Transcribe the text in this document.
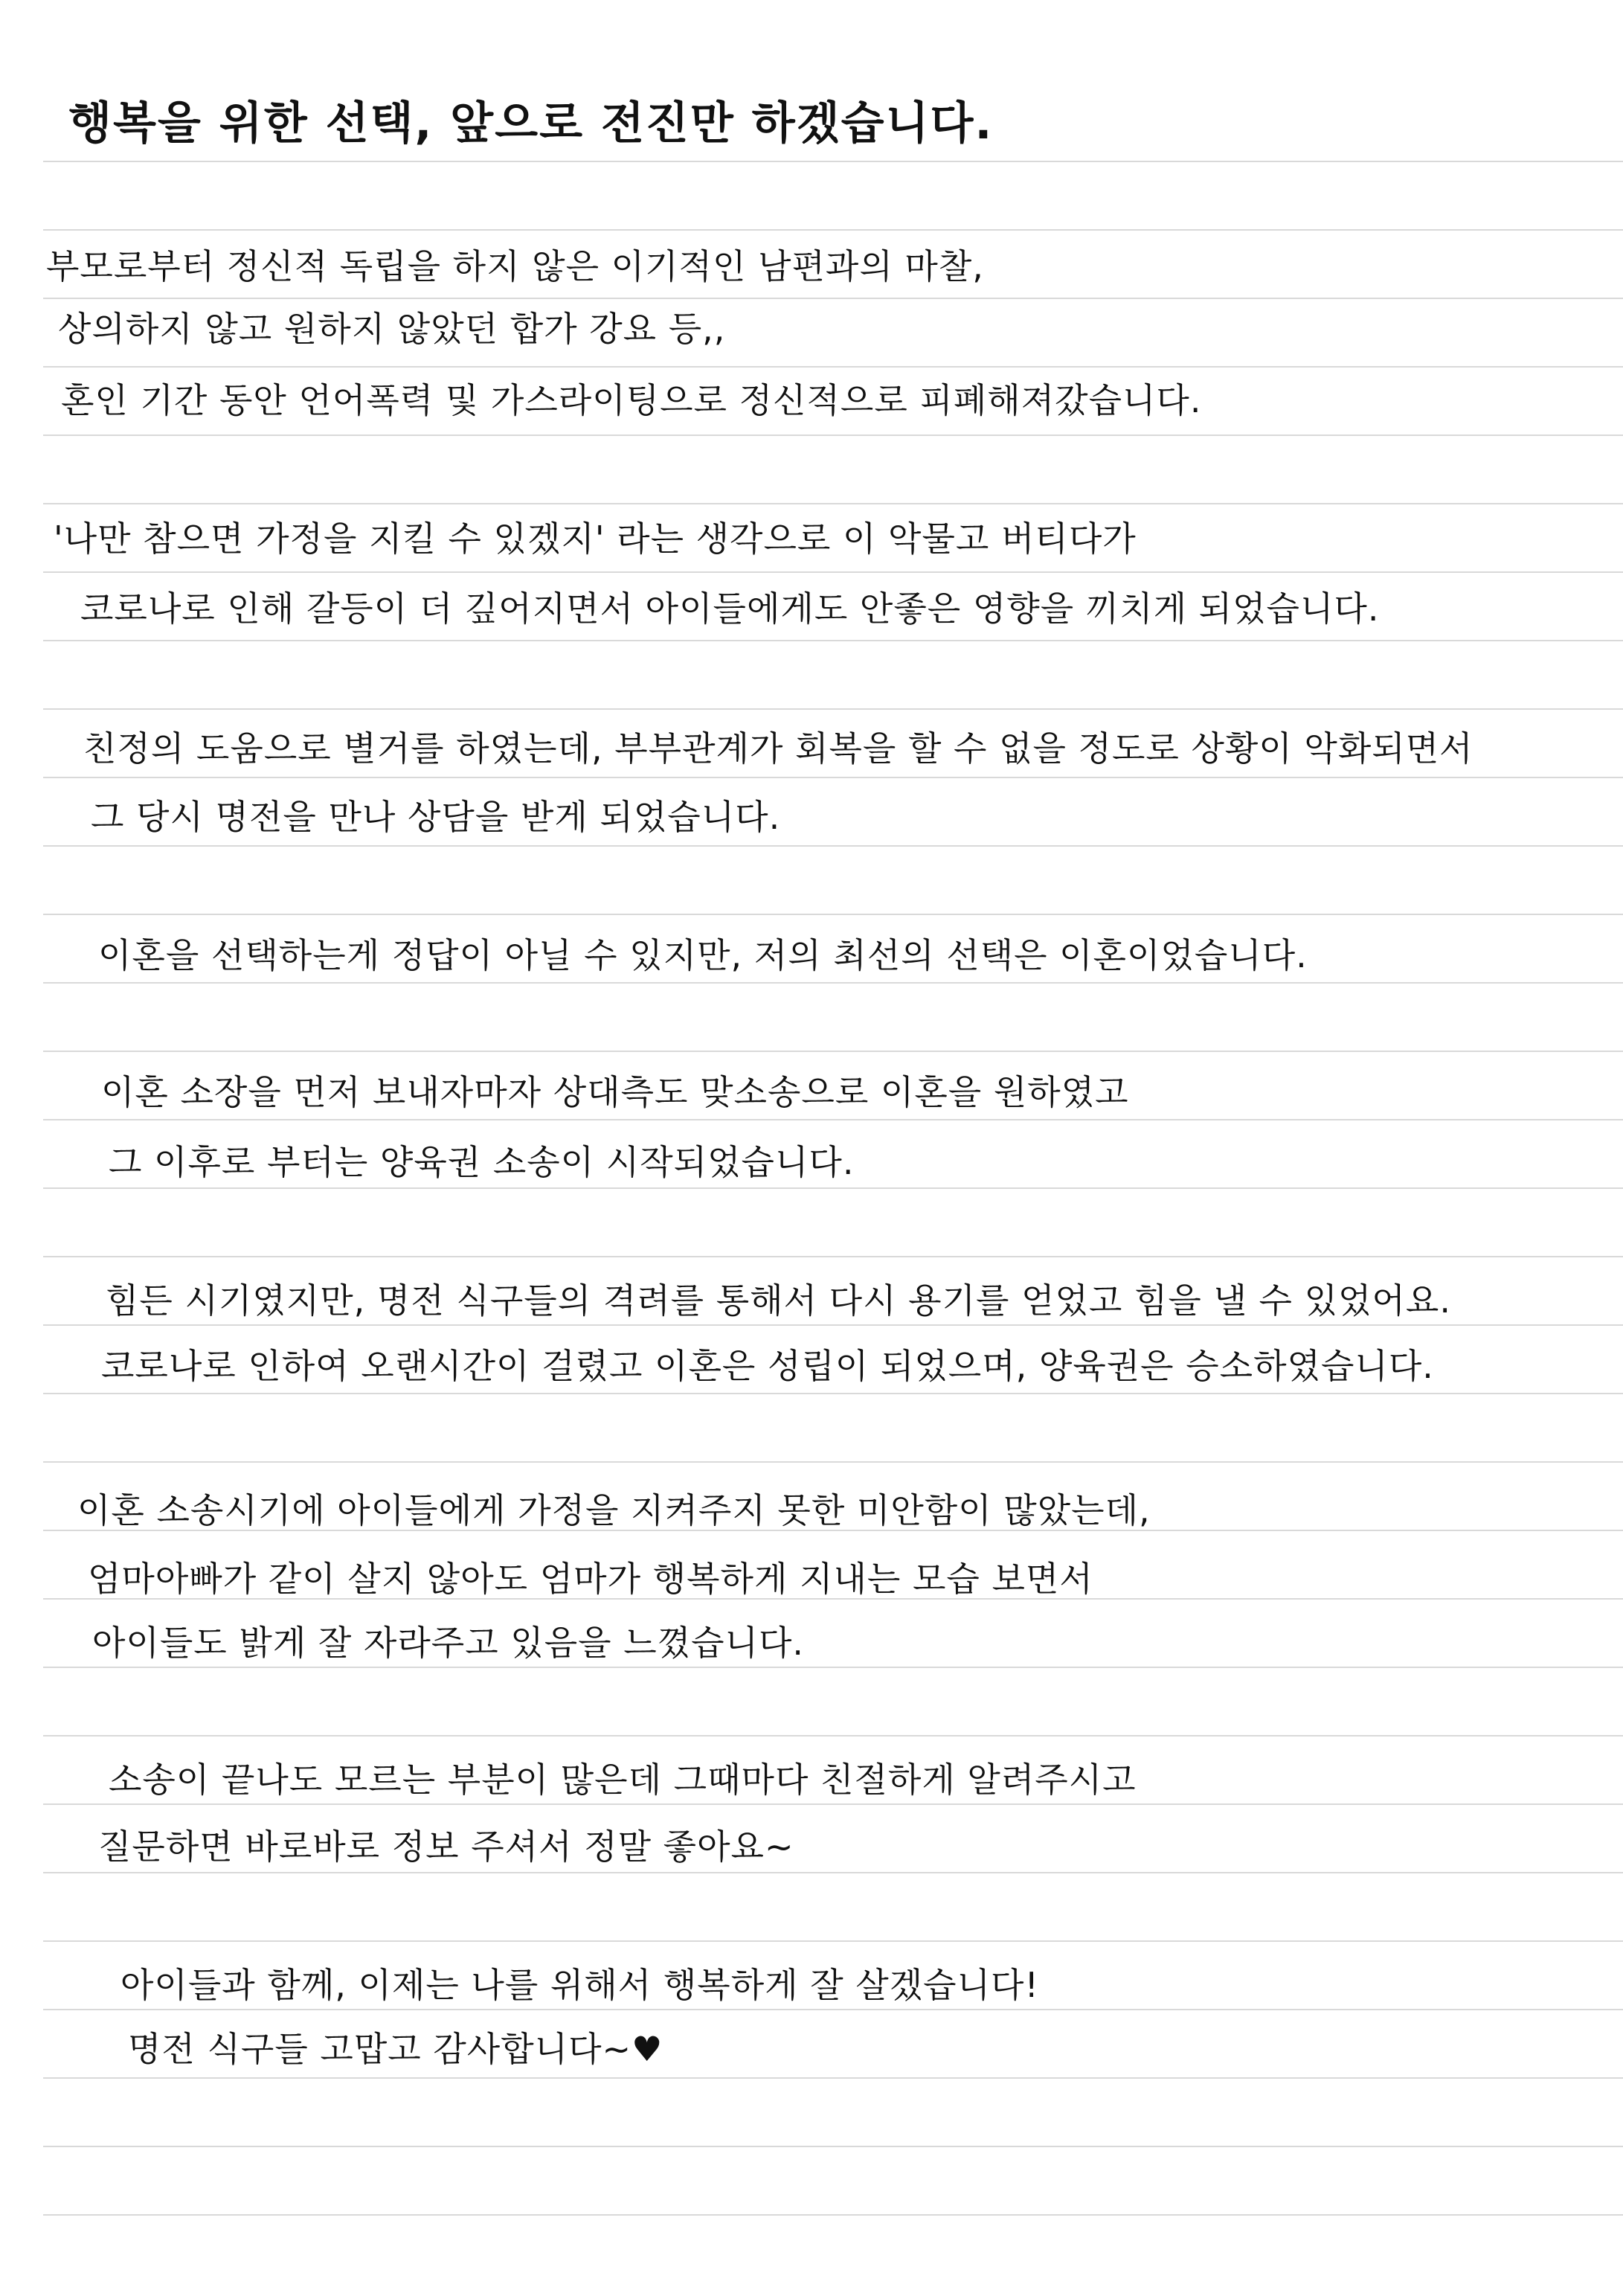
행복을 위한 선택, 앞으로 전진만 하겠습니다.
부모로부터 정신적 독립을 하지 않은 이기적인 남편과의 마찰,
상의하지 않고 원하지 않았던 합가 강요 등,,
혼인 기간 동안 언어폭력 및 가스라이팅으로 정신적으로 피폐해져갔습니다.
'나만 참으면 가정을 지킬 수 있겠지' 라는 생각으로 이 악물고 버티다가
코로나로 인해 갈등이 더 깊어지면서 아이들에게도 안좋은 영향을 끼치게 되었습니다.
친정의 도움으로 별거를 하였는데, 부부관계가 회복을 할 수 없을 정도로 상황이 악화되면서
그 당시 명전을 만나 상담을 받게 되었습니다.
이혼을 선택하는게 정답이 아닐 수 있지만, 저의 최선의 선택은 이혼이었습니다.
이혼 소장을 먼저 보내자마자 상대측도 맞소송으로 이혼을 원하였고
그 이후로 부터는 양육권 소송이 시작되었습니다.
힘든 시기였지만, 명전 식구들의 격려를 통해서 다시 용기를 얻었고 힘을 낼 수 있었어요.
코로나로 인하여 오랜시간이 걸렸고 이혼은 성립이 되었으며, 양육권은 승소하였습니다.
이혼 소송시기에 아이들에게 가정을 지켜주지 못한 미안함이 많았는데,
엄마아빠가 같이 살지 않아도 엄마가 행복하게 지내는 모습 보면서
아이들도 밝게 잘 자라주고 있음을 느꼈습니다.
소송이 끝나도 모르는 부분이 많은데 그때마다 친절하게 알려주시고
질문하면 바로바로 정보 주셔서 정말 좋아요~
아이들과 함께, 이제는 나를 위해서 행복하게 잘 살겠습니다!
명전 식구들 고맙고 감사합니다~♥
